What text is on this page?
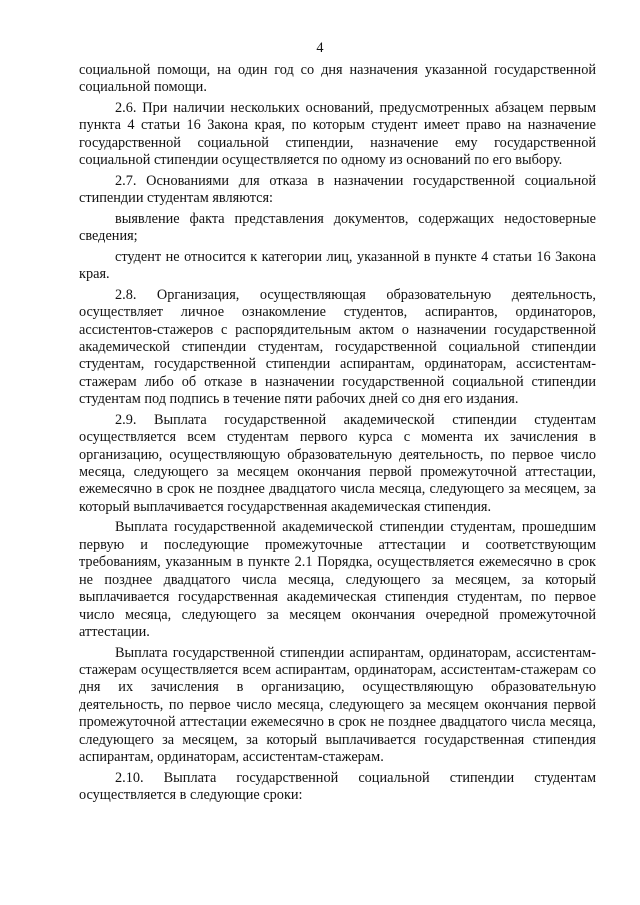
4

социальной помощи, на один год со дня назначения указанной государственной социальной помощи.

2.6. При наличии нескольких оснований, предусмотренных абзацем первым пункта 4 статьи 16 Закона края, по которым студент имеет право на назначение государственной социальной стипендии, назначение ему государственной социальной стипендии осуществляется по одному из оснований по его выбору.

2.7. Основаниями для отказа в назначении государственной социальной стипендии студентам являются:

выявление факта представления документов, содержащих недостоверные сведения;

студент не относится к категории лиц, указанной в пункте 4 статьи 16 Закона края.

2.8. Организация, осуществляющая образовательную деятельность, осуществляет личное ознакомление студентов, аспирантов, ординаторов, ассистентов-стажеров с распорядительным актом о назначении государственной академической стипендии студентам, государственной социальной стипендии студентам, государственной стипендии аспирантам, ординаторам, ассистентам-стажерам либо об отказе в назначении государственной социальной стипендии студентам под подпись в течение пяти рабочих дней со дня его издания.

2.9. Выплата государственной академической стипендии студентам осуществляется всем студентам первого курса с момента их зачисления в организацию, осуществляющую образовательную деятельность, по первое число месяца, следующего за месяцем окончания первой промежуточной аттестации, ежемесячно в срок не позднее двадцатого числа месяца, следующего за месяцем, за который выплачивается государственная академическая стипендия.

Выплата государственной академической стипендии студентам, прошедшим первую и последующие промежуточные аттестации и соответствующим требованиям, указанным в пункте 2.1 Порядка, осуществляется ежемесячно в срок не позднее двадцатого числа месяца, следующего за месяцем, за который выплачивается государственная академическая стипендия студентам, по первое число месяца, следующего за месяцем окончания очередной промежуточной аттестации.

Выплата государственной стипендии аспирантам, ординаторам, ассистентам-стажерам осуществляется всем аспирантам, ординаторам, ассистентам-стажерам со дня их зачисления в организацию, осуществляющую образовательную деятельность, по первое число месяца, следующего за месяцем окончания первой промежуточной аттестации ежемесячно в срок не позднее двадцатого числа месяца, следующего за месяцем, за который выплачивается государственная стипендия аспирантам, ординаторам, ассистентам-стажерам.

2.10. Выплата государственной социальной стипендии студентам осуществляется в следующие сроки:
